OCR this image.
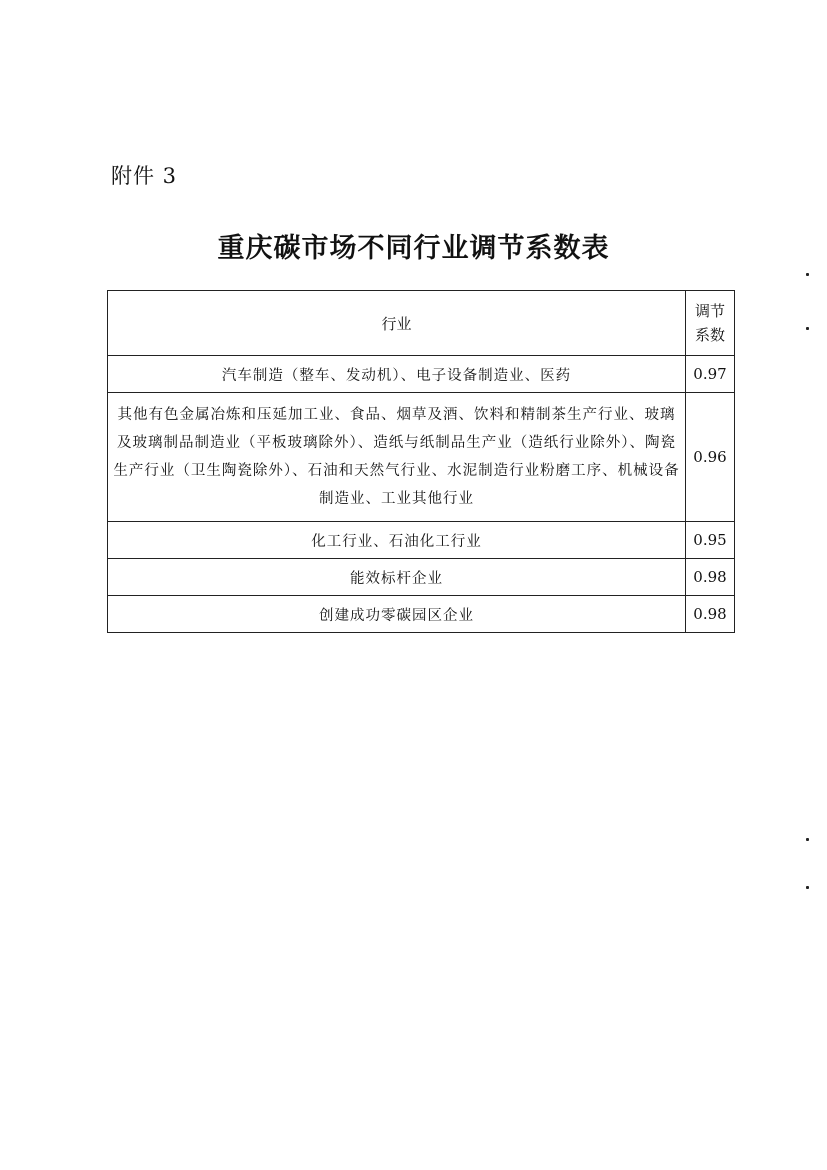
附件 3
重庆碳市场不同行业调节系数表
行业	调节
系数

汽车制造（整车、发动机）、电子设备制造业、医药	0.97
其他有色金属冶炼和压延加工业、食品、烟草及酒、饮料和精制茶生产行业、玻璃及玻璃制品制造业（平板玻璃除外）、造纸与纸制品生产业（造纸行业除外）、陶瓷生产行业（卫生陶瓷除外）、石油和天然气行业、水泥制造行业粉磨工序、机械设备制造业、工业其他行业	0.96
化工行业、石油化工行业	0.95
能效标杆企业	0.98
创建成功零碳园区企业	0.98
